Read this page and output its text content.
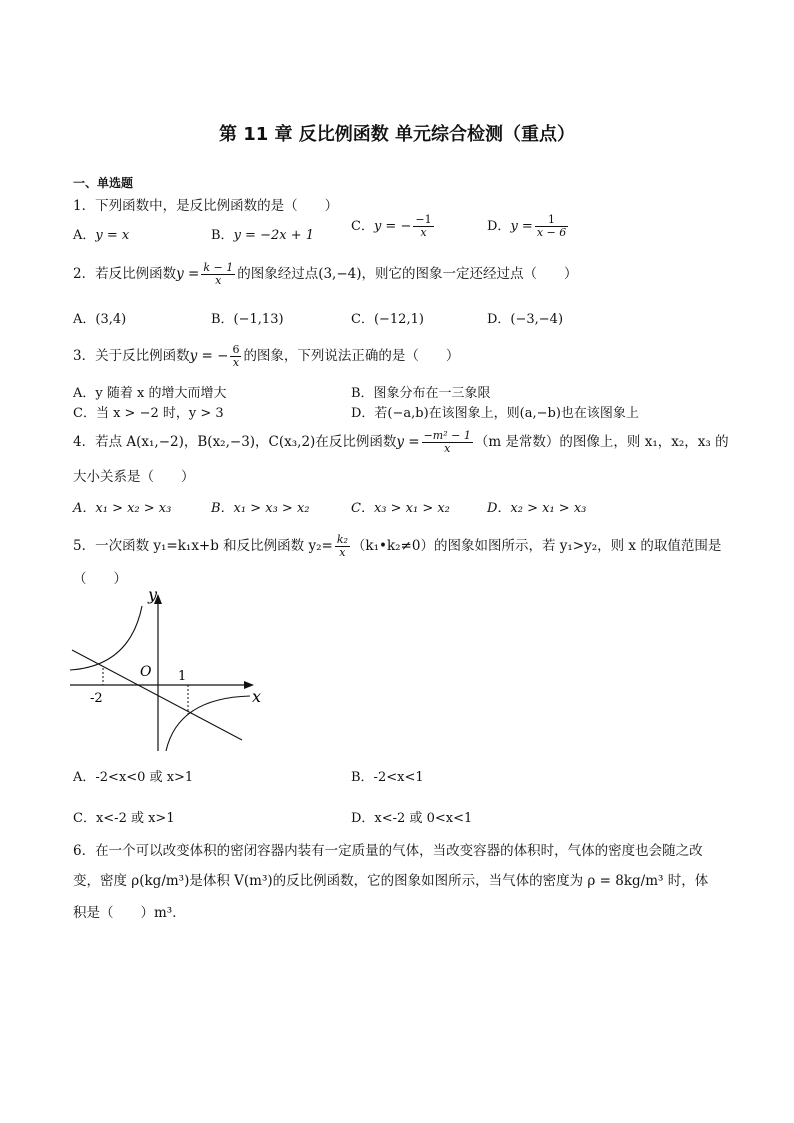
第 11 章 反比例函数 单元综合检测（重点）
一、单选题
1．下列函数中，是反比例函数的是（　　）
A．y = x	B．y = −2x + 1
C．y = − $\frac{-1}{x}$	D．$y = \frac{1}{x - 6}$
2．若反比例函数$y = \frac{k - 1}{x}$ 的图象经过点(3,−4)，则它的图象一定还经过点（　　）
A．(3,4)	B．(−1,13)	C．(−12,1)	D．(−3,−4)
3．关于反比例函数y = − $\frac{6}{x}$ 的图象，下列说法正确的是（　　）
A．y 随着 x 的增大而增大	B．图象分布在一三象限
C．当 x > −2 时，y > 3	D．若(−a,b)在该图象上，则(a,−b)也在该图象上
4．若点 A(x₁,−2)，B(x₂,−3)，C(x₃,2)在反比例函数$y = \frac{\text{−m² − 1}}{x} (m$ 是常数）的图像上，则 x₁，x₂，x₃ 的
大小关系是（　　）
A．x₁ > x₂ > x₃	B．x₁ > x₃ > x₂	C．x₃ > x₁ > x₂	D．x₂ > x₁ > x₃
5．一次函数 y₁=k₁x+b 和反比例函数 $y_2= \frac{\text{k₂}}{x}$ （k₁•k₂≠0）的图象如图所示，若 y₁>y₂，则 x 的取值范围是
（　　）
y
x
O
-2
1
A．-2<x<0 或 x>1	B．-2<x<1
C．x<-2 或 x>1	D．x<-2 或 0<x<1
6．在一个可以改变体积的密闭容器内装有一定质量的气体，当改变容器的体积时，气体的密度也会随之改
变，密度 ρ(kg/m³)是体积 V(m³)的反比例函数，它的图象如图所示，当气体的密度为 ρ = 8kg/m³ 时，体
积是（　　）m³．
